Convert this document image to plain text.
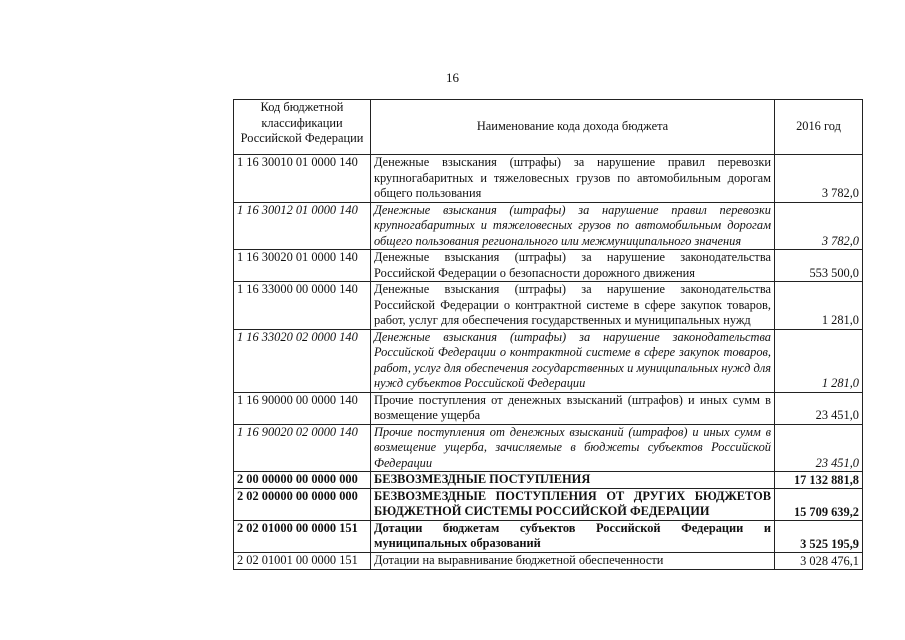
16
Код бюджетной классификации Российской Федерации	Наименование кода дохода бюджета	2016 год
1 16 30010 01 0000 140	Денежные взыскания (штрафы) за нарушение правил перевозки крупногабаритных и тяжеловесных грузов по автомобильным дорогам общего пользования	3 782,0
1 16 30012 01 0000 140	Денежные взыскания (штрафы) за нарушение правил перевозки крупногабаритных и тяжеловесных грузов по автомобильным дорогам общего пользования регионального или межмуниципального значения	3 782,0
1 16 30020 01 0000 140	Денежные взыскания (штрафы) за нарушение законодательства Российской Федерации о безопасности дорожного движения	553 500,0
1 16 33000 00 0000 140	Денежные взыскания (штрафы) за нарушение законодательства Российской Федерации о контрактной системе в сфере закупок товаров, работ, услуг для обеспечения государственных и муниципальных нужд	1 281,0
1 16 33020 02 0000 140	Денежные взыскания (штрафы) за нарушение законодательства Российской Федерации о контрактной системе в сфере закупок товаров, работ, услуг для обеспечения государственных и муниципальных нужд для нужд субъектов Российской Федерации	1 281,0
1 16 90000 00 0000 140	Прочие поступления от денежных взысканий (штрафов) и иных сумм в возмещение ущерба	23 451,0
1 16 90020 02 0000 140	Прочие поступления от денежных взысканий (штрафов) и иных сумм в возмещение ущерба, зачисляемые в бюджеты субъектов Российской Федерации	23 451,0
2 00 00000 00 0000 000	БЕЗВОЗМЕЗДНЫЕ ПОСТУПЛЕНИЯ	17 132 881,8
2 02 00000 00 0000 000	БЕЗВОЗМЕЗДНЫЕ ПОСТУПЛЕНИЯ ОТ ДРУГИХ БЮДЖЕТОВ БЮДЖЕТНОЙ СИСТЕМЫ РОССИЙСКОЙ ФЕДЕРАЦИИ	15 709 639,2
2 02 01000 00 0000 151	Дотации бюджетам субъектов Российской Федерации и муниципальных образований	3 525 195,9
2 02 01001 00 0000 151	Дотации на выравнивание бюджетной обеспеченности	3 028 476,1
